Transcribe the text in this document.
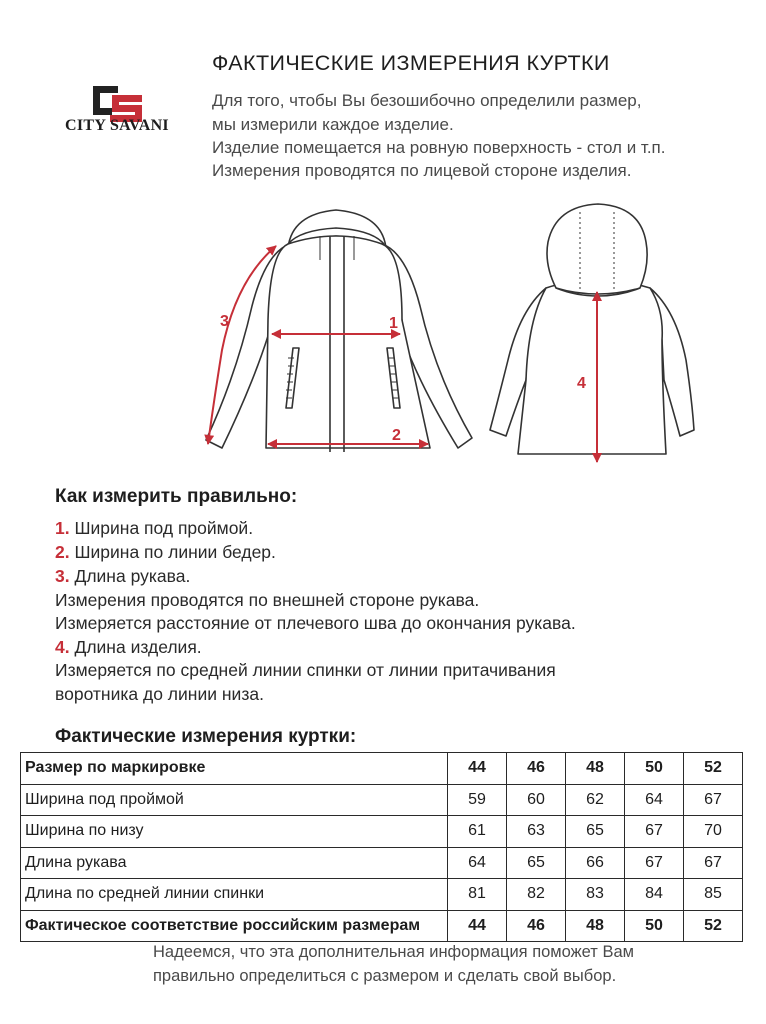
CITY SAVANI
ФАКТИЧЕСКИЕ ИЗМЕРЕНИЯ КУРТКИ
Для того, чтобы Вы безошибочно определили размер,
мы измерили каждое изделие.
Изделие помещается на ровную поверхность - стол и т.п.
Измерения проводятся по лицевой стороне изделия.
1
2
3
4
Как измерить правильно:
1. Ширина под проймой.
2. Ширина по линии бедер.
3. Длина рукава.
Измерения проводятся по внешней стороне рукава.
Измеряется расстояние от плечевого шва до окончания рукава.
4. Длина изделия.
Измеряется по средней линии спинки от линии притачивания
воротника до линии низа.
Фактические измерения куртки:
Размер по маркировке	44	46	48	50	52
Ширина под проймой	59	60	62	64	67
Ширина по низу	61	63	65	67	70
Длина рукава	64	65	66	67	67
Длина по средней линии спинки	81	82	83	84	85
Фактическое соответствие российским размерам	44	46	48	50	52
Надеемся, что эта дополнительная информация поможет Вам
правильно определиться с размером и сделать свой выбор.
